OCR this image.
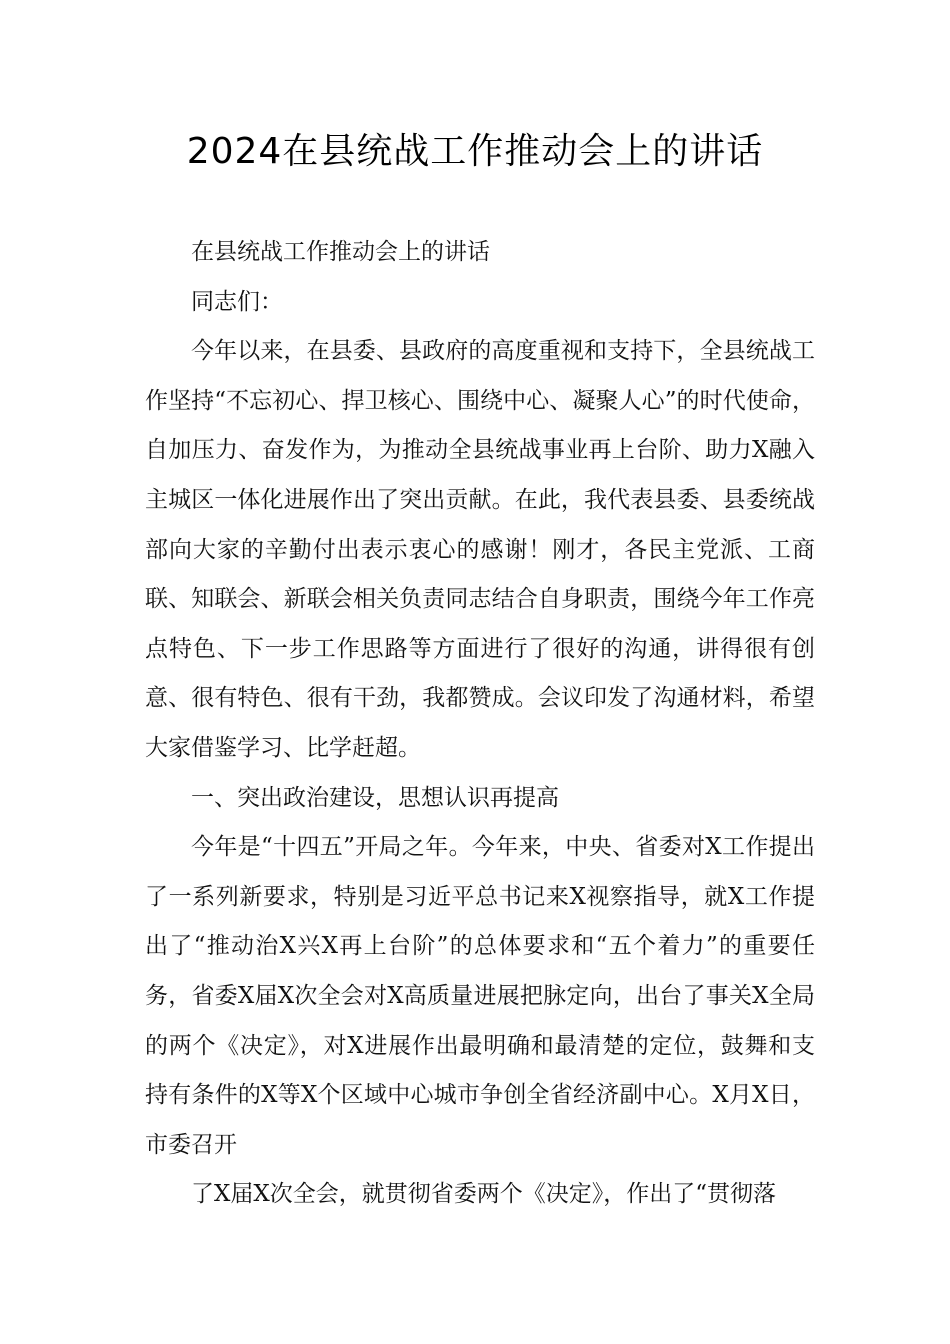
2024在县统战工作推动会上的讲话

在县统战工作推动会上的讲话

同志们：

今年以来，在县委、县政府的高度重视和支持下，全县统战工作坚持“不忘初心、捍卫核心、围绕中心、凝聚人心”的时代使命，自加压力、奋发作为，为推动全县统战事业再上台阶、助力X融入主城区一体化进展作出了突出贡献。在此，我代表县委、县委统战部向大家的辛勤付出表示衷心的感谢！刚才，各民主党派、工商联、知联会、新联会相关负责同志结合自身职责，围绕今年工作亮点特色、下一步工作思路等方面进行了很好的沟通，讲得很有创意、很有特色、很有干劲，我都赞成。会议印发了沟通材料，希望大家借鉴学习、比学赶超。

一、突出政治建设，思想认识再提高

今年是“十四五”开局之年。今年来，中央、省委对X工作提出了一系列新要求，特别是习近平总书记来X视察指导，就X工作提出了“推动治X兴X再上台阶”的总体要求和“五个着力”的重要任务，省委X届X次全会对X高质量进展把脉定向，出台了事关X全局的两个《决定》，对X进展作出最明确和最清楚的定位，鼓舞和支持有条件的X等X个区域中心城市争创全省经济副中心。X月X日，市委召开

了X届X次全会，就贯彻省委两个《决定》，作出了“贯彻落
